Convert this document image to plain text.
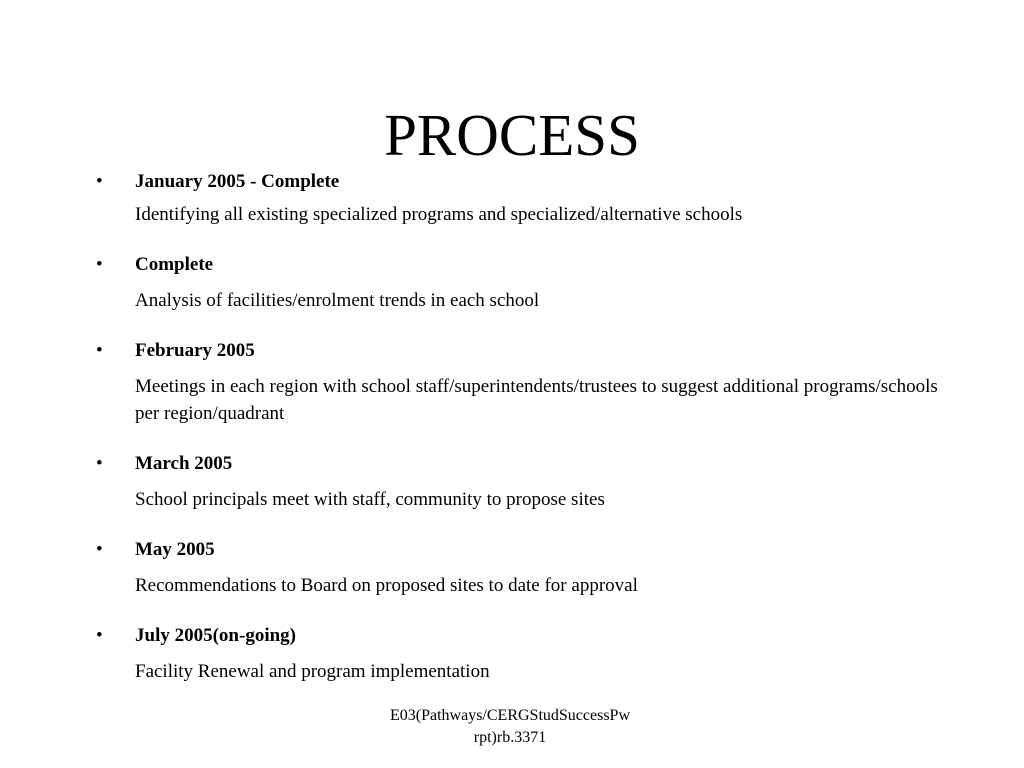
PROCESS
• January 2005 - Complete
Identifying all existing specialized programs and specialized/alternative schools
• Complete
Analysis of facilities/enrolment trends in each school
• February 2005
Meetings in each region with school staff/superintendents/trustees to suggest additional programs/schools per region/quadrant
• March 2005
School principals meet with staff, community to propose sites
• May 2005
Recommendations to Board on proposed sites to date for approval
• July 2005(on-going)
Facility Renewal and program implementation
E03(Pathways/CERGStudSuccessPw
rpt)rb.3371
